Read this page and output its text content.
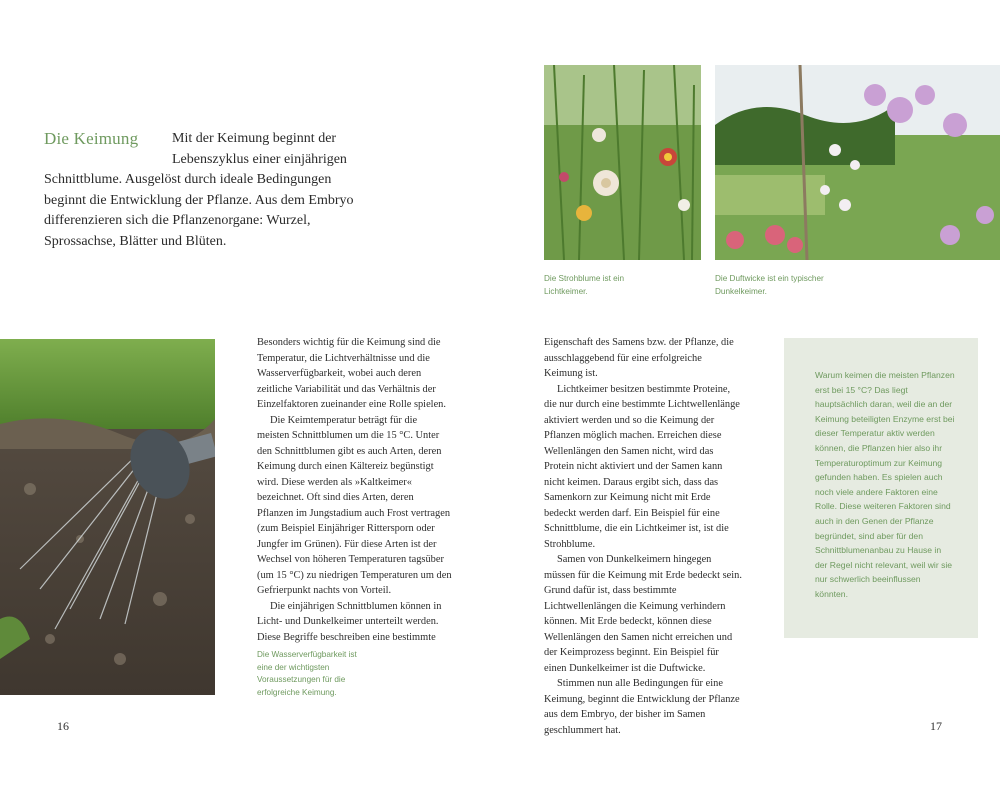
Die Keimung Mit der Keimung beginnt der Lebenszyklus einer einjährigen
Schnittblume. Ausgelöst durch ideale Bedingungen beginnt die Entwicklung der Pflanze. Aus dem Embryo differenzieren sich die Pflanzenorgane: Wurzel, Sprossachse, Blätter und Blüten.
Die Wasserverfügbarkeit ist eine der wichtigsten Voraussetzungen für die erfolgreiche Keimung.
Die Strohblume ist ein Lichtkeimer.
Die Duftwicke ist ein typischer Dunkelkeimer.

Besonders wichtig für die Keimung sind die Temperatur, die Lichtverhältnisse und die Wasserverfügbarkeit, wobei auch deren zeitliche Variabilität und das Verhältnis der Einzelfaktoren zueinander eine Rolle spielen.

Die Keimtemperatur beträgt für die meisten Schnittblumen um die 15 °C. Unter den Schnittblumen gibt es auch Arten, deren Keimung durch einen Kältereiz begünstigt wird. Diese werden als »Kaltkeimer« bezeichnet. Oft sind dies Arten, deren Pflanzen im Jungstadium auch Frost vertragen (zum Beispiel Einjähriger Rittersporn oder Jungfer im Grünen). Für diese Arten ist der Wechsel von höheren Temperaturen tagsüber (um 15 °C) zu niedrigen Temperaturen um den Gefrierpunkt nachts von Vorteil.

Die einjährigen Schnittblumen können in Licht- und Dunkelkeimer unterteilt werden. Diese Begriffe beschreiben eine bestimmte

Eigenschaft des Samens bzw. der Pflanze, die ausschlaggebend für eine erfolgreiche Keimung ist.

Lichtkeimer besitzen bestimmte Proteine, die nur durch eine bestimmte Lichtwellenlänge aktiviert werden und so die Keimung der Pflanzen möglich machen. Erreichen diese Wellenlängen den Samen nicht, wird das Protein nicht aktiviert und der Samen kann nicht keimen. Daraus ergibt sich, dass das Samenkorn zur Keimung nicht mit Erde bedeckt werden darf. Ein Beispiel für eine Schnittblume, die ein Lichtkeimer ist, ist die Strohblume.

Samen von Dunkelkeimern hingegen müssen für die Keimung mit Erde bedeckt sein. Grund dafür ist, dass bestimmte Lichtwellenlängen die Keimung verhindern können. Mit Erde bedeckt, können diese Wellenlängen den Samen nicht erreichen und der Keimprozess beginnt. Ein Beispiel für einen Dunkelkeimer ist die Duftwicke.

Stimmen nun alle Bedingungen für eine Keimung, beginnt die Entwicklung der Pflanze aus dem Embryo, der bisher im Samen geschlummert hat.

Warum keimen die meisten Pflanzen erst bei 15 °C? Das liegt hauptsächlich daran, weil die an der Keimung beteiligten Enzyme erst bei dieser Temperatur aktiv werden können, die Pflanzen hier also ihr Temperaturoptimum zur Keimung gefunden haben. Es spielen auch noch viele andere Faktoren eine Rolle. Diese weiteren Faktoren sind auch in den Genen der Pflanze begründet, sind aber für den Schnittblumenanbau zu Hause in der Regel nicht relevant, weil wir sie nur schwerlich beeinflussen könnten.
16	17
